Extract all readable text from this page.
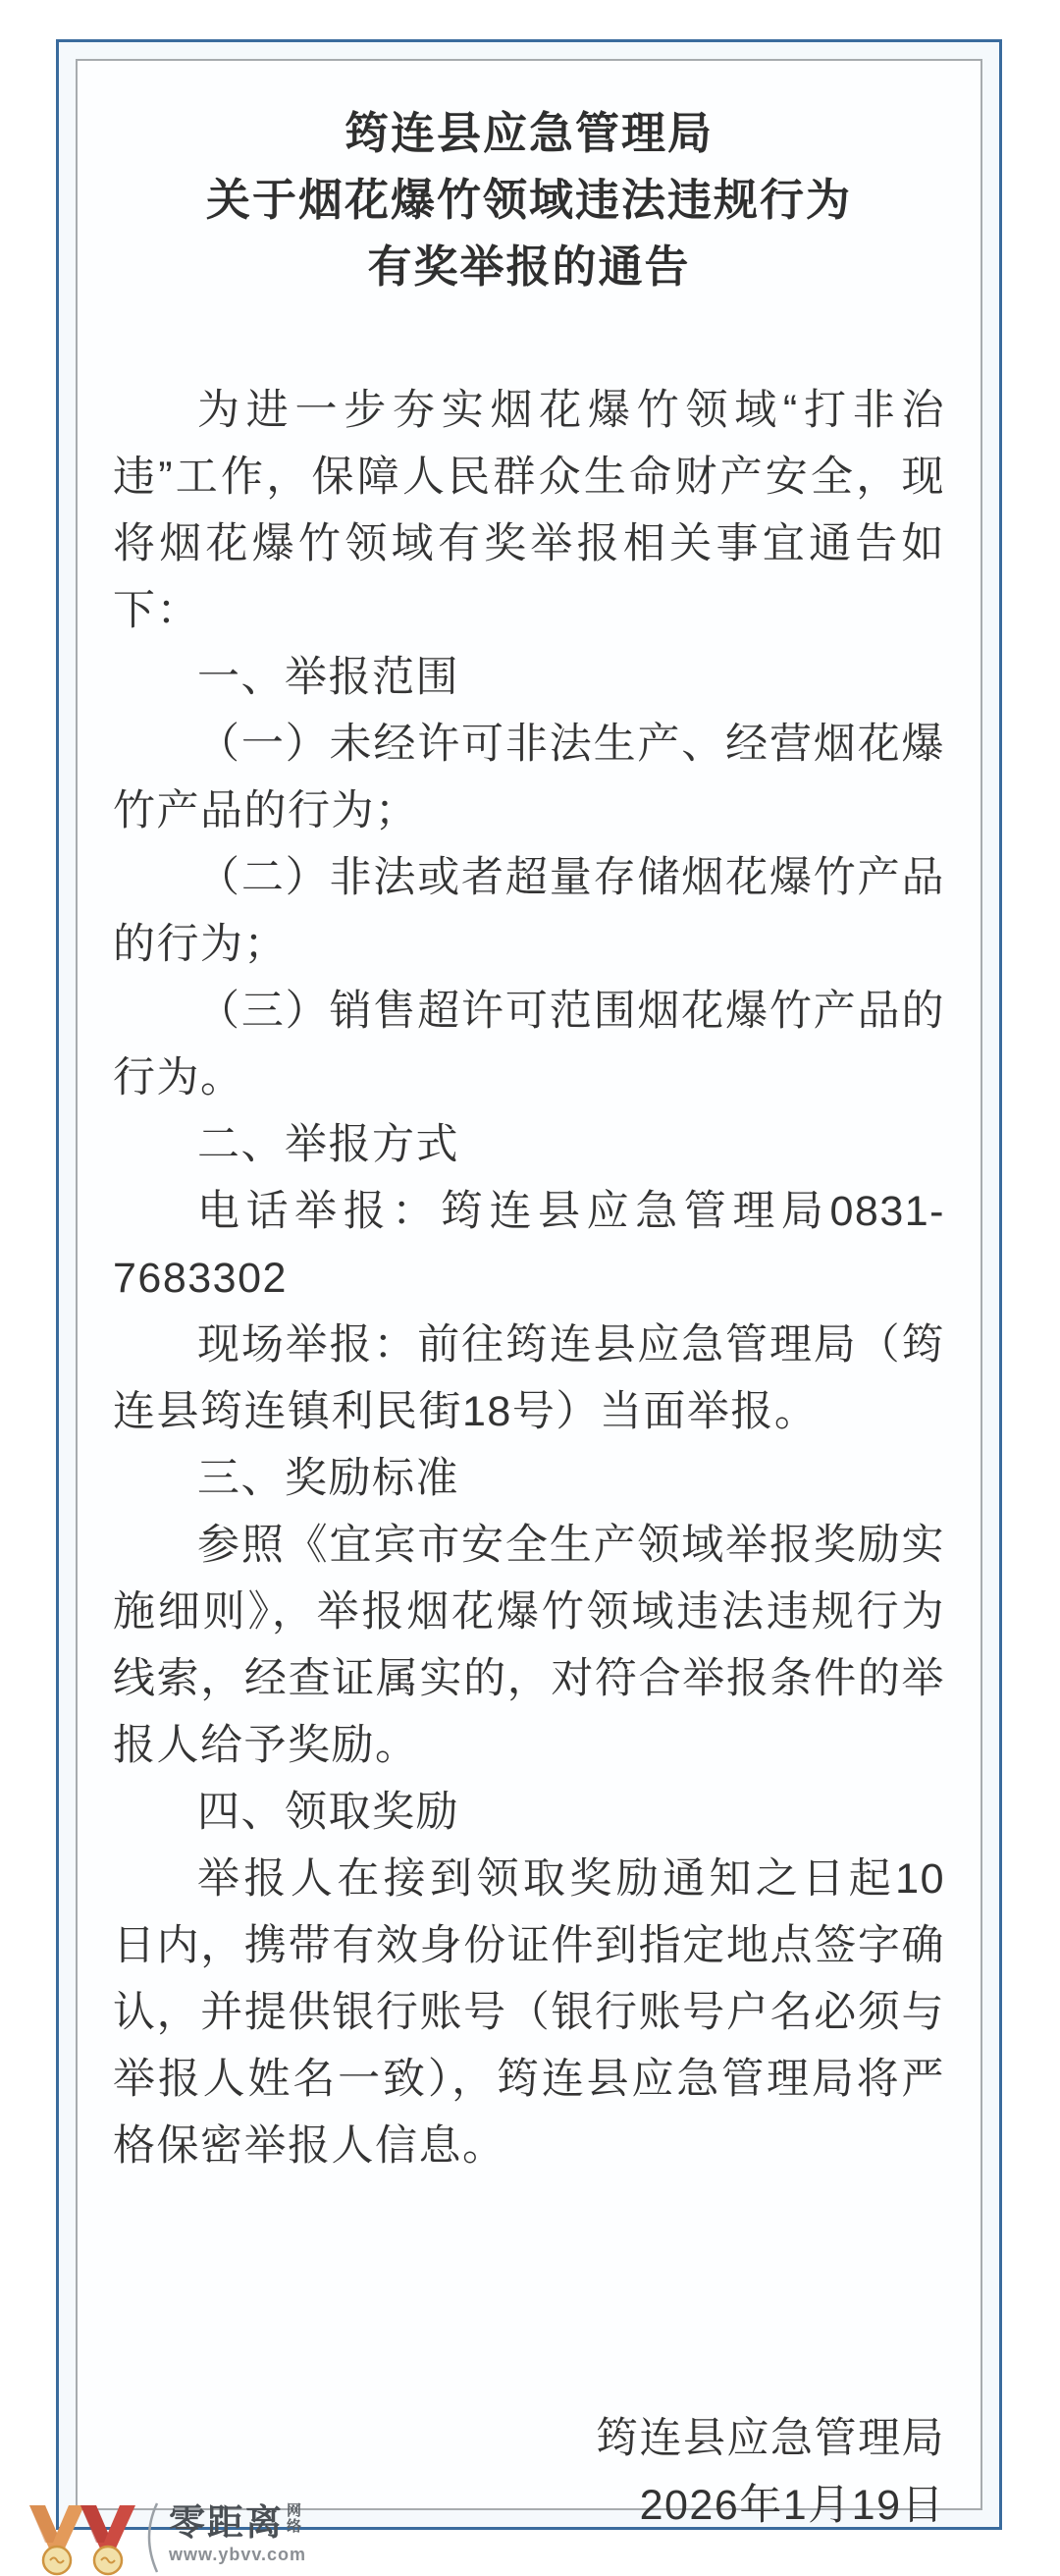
筠连县应急管理局
关于烟花爆竹领域违法违规行为
有奖举报的通告

为进一步夯实烟花爆竹领域“打非治违”工作，保障人民群众生命财产安全，现将烟花爆竹领域有奖举报相关事宜通告如下：

一、举报范围

（一）未经许可非法生产、经营烟花爆竹产品的行为；

（二）非法或者超量存储烟花爆竹产品的行为；

（三）销售超许可范围烟花爆竹产品的行为。

二、举报方式

电话举报：筠连县应急管理局0831-7683302

现场举报：前往筠连县应急管理局（筠连县筠连镇利民街18号）当面举报。

三、奖励标准

参照《宜宾市安全生产领域举报奖励实施细则》，举报烟花爆竹领域违法违规行为线索，经查证属实的，对符合举报条件的举报人给予奖励。

四、领取奖励

举报人在接到领取奖励通知之日起10日内，携带有效身份证件到指定地点签字确认，并提供银行账号（银行账号户名必须与举报人姓名一致），筠连县应急管理局将严格保密举报人信息。

筠连县应急管理局
2026年1月19日
零距离 网络
www.ybvv.com
